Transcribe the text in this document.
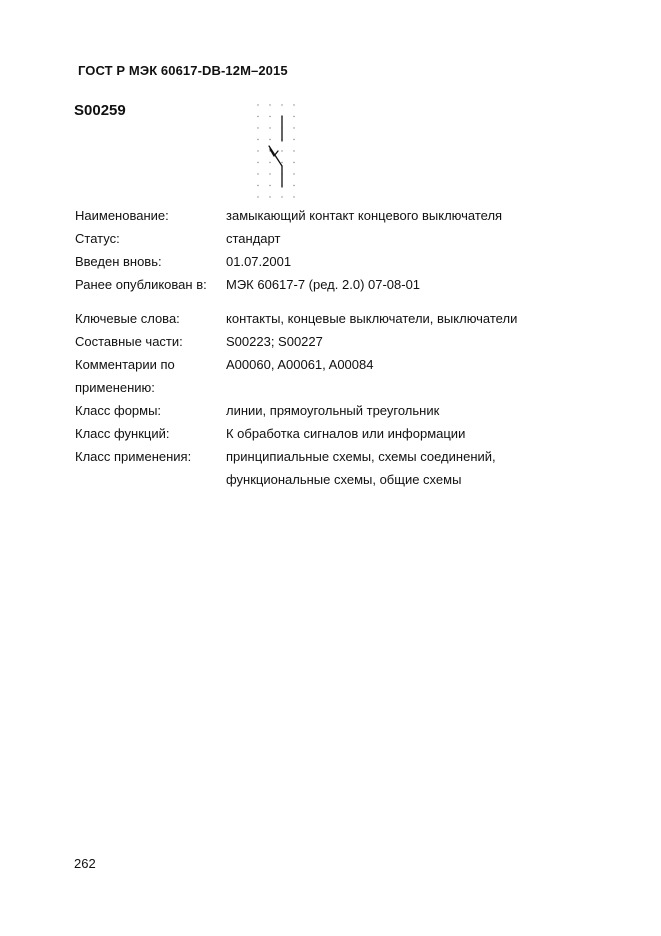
ГОСТ Р МЭК 60617-DB-12M–2015
S00259
Наименование:	замыкающий контакт концевого выключателя
Статус:	стандарт
Введен вновь:	01.07.2001
Ранее опубликован в:	МЭК 60617-7 (ред. 2.0) 07-08-01
Ключевые слова:	контакты, концевые выключатели, выключатели
Составные части:	S00223; S00227
Комментарии по	A00060, A00061, A00084
применению:
Класс формы:	линии, прямоугольный треугольник
Класс функций:	К обработка сигналов или информации
Класс применения:	принципиальные схемы, схемы соединений,
функциональные схемы, общие схемы
262
